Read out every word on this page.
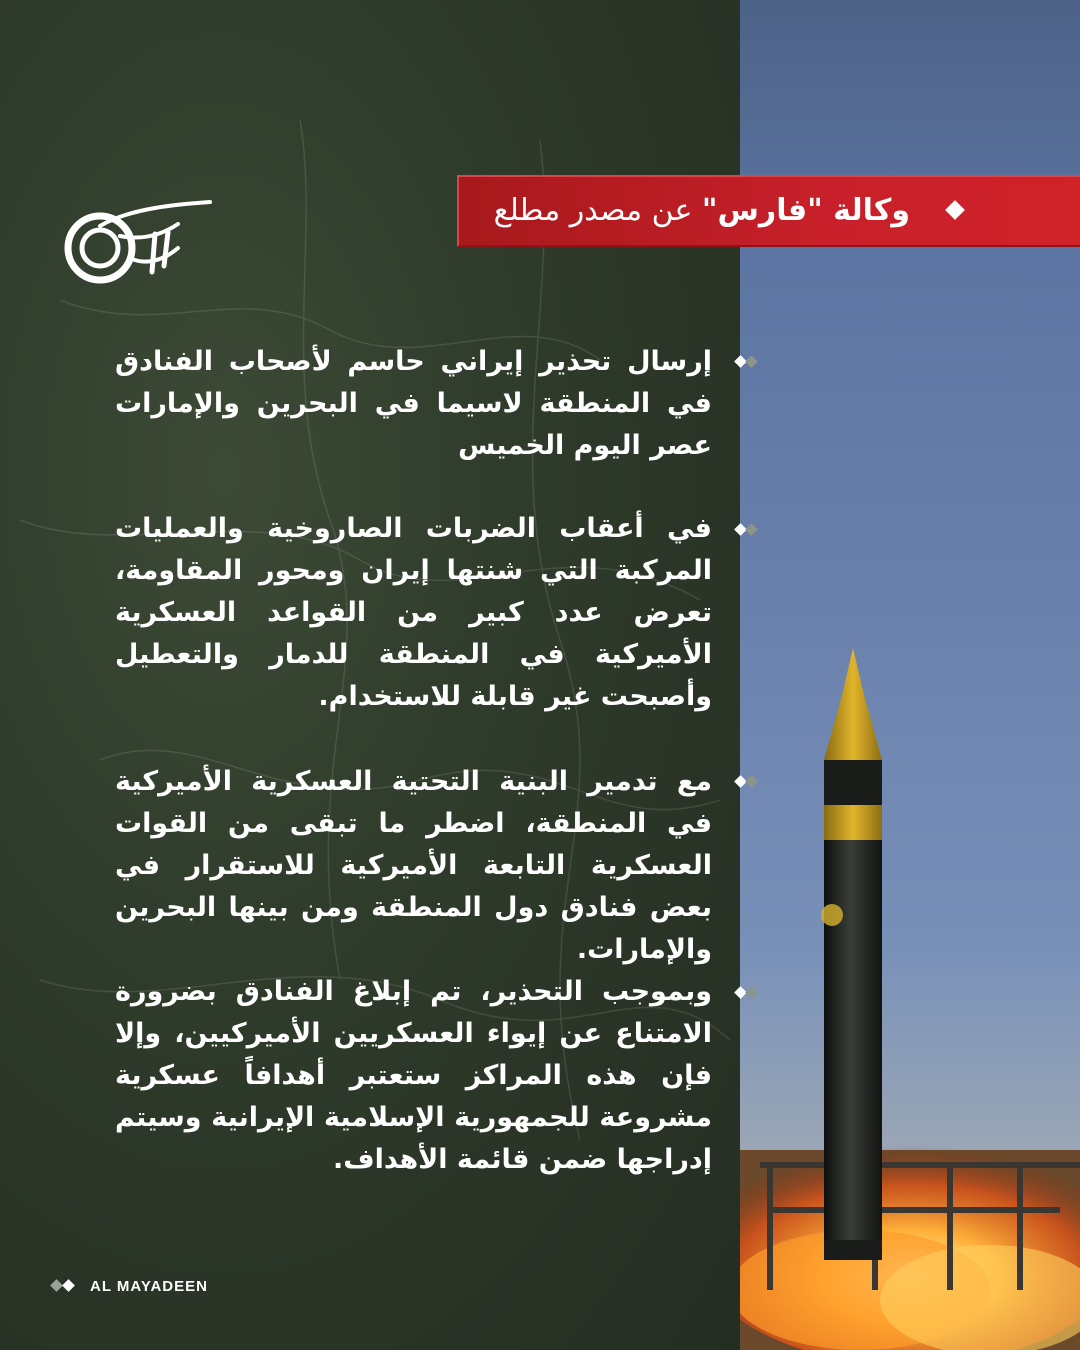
وكالة "فارس" عن مصدر مطلع

إرسال تحذير إيراني حاسم لأصحاب الفنادق في المنطقة لاسيما في البحرين والإمارات عصر اليوم الخميس

في أعقاب الضربات الصاروخية والعمليات المركبة التي شنتها إيران ومحور المقاومة، تعرض عدد كبير من القواعد العسكرية الأميركية في المنطقة للدمار والتعطيل وأصبحت غير قابلة للاستخدام.

مع تدمير البنية التحتية العسكرية الأميركية في المنطقة، اضطر ما تبقى من القوات العسكرية التابعة الأميركية للاستقرار في بعض فنادق دول المنطقة ومن بينها البحرين والإمارات.

وبموجب التحذير، تم إبلاغ الفنادق بضرورة الامتناع عن إيواء العسكريين الأميركيين، وإلا فإن هذه المراكز ستعتبر أهدافاً عسكرية مشروعة للجمهورية الإسلامية الإيرانية وسيتم إدراجها ضمن قائمة الأهداف.

AL MAYADEEN
